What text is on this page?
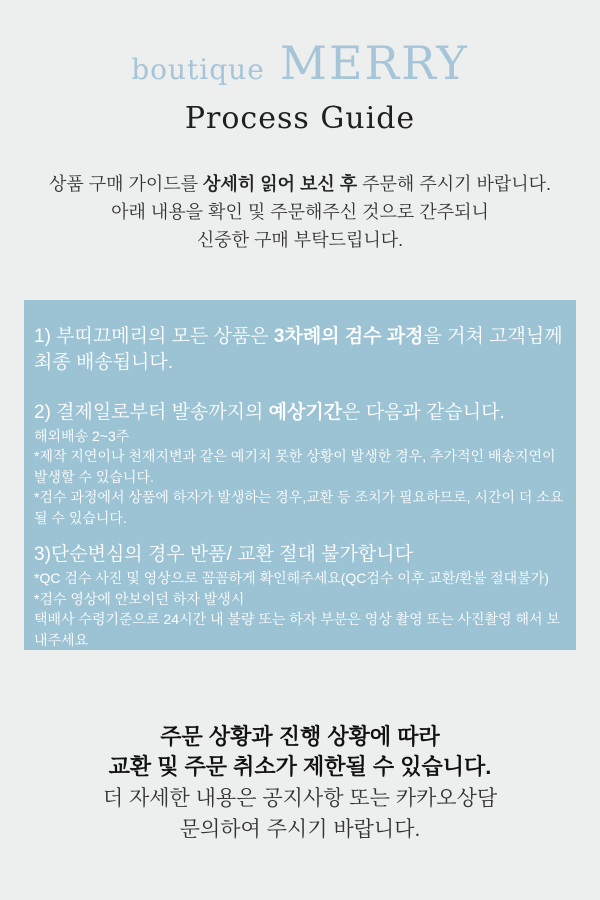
boutique MERRY
Process Guide
상품 구매 가이드를 상세히 읽어 보신 후 주문해 주시기 바랍니다.
아래 내용을 확인 및 주문해주신 것으로 간주되니
신중한 구매 부탁드립니다.

1) 부띠끄메리의 모든 상품은 3차례의 검수 과정을 거쳐 고객님께 최종 배송됩니다.

2) 결제일로부터 발송까지의 예상기간은 다음과 같습니다.

해외배송 2~3주

*제작 지연이나 천재지변과 같은 예기치 못한 상황이 발생한 경우, 추가적인 배송지연이 발생할 수 있습니다.

*검수 과정에서 상품에 하자가 발생하는 경우,교환 등 조치가 필요하므로, 시간이 더 소요될 수 있습니다.

3)단순변심의 경우 반품/ 교환 절대 불가합니다

*QC 검수 사진 및 영상으로 꼼꼼하게 확인해주세요(QC검수 이후 교환/환불 절대불가)

*검수 영상에 안보이던 하자 발생시

택배사 수령기준으로 24시간 내 불량 또는 하자 부분은 영상 촬영 또는 사진촬영 해서 보내주세요

주문 상황과 진행 상황에 따라
교환 및 주문 취소가 제한될 수 있습니다.
더 자세한 내용은 공지사항 또는 카카오상담
문의하여 주시기 바랍니다.
